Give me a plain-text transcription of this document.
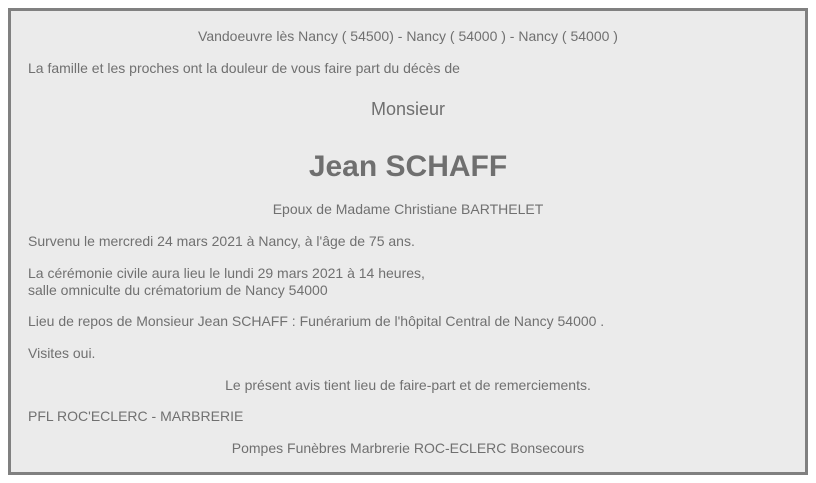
Vandoeuvre lès Nancy ( 54500) - Nancy ( 54000 ) - Nancy ( 54000 )
La famille et les proches ont la douleur de vous faire part du décès de
Monsieur
Jean SCHAFF
Epoux de Madame Christiane BARTHELET
Survenu le mercredi 24 mars 2021 à Nancy, à l'âge de 75 ans.
La cérémonie civile aura lieu le lundi 29 mars 2021 à 14 heures,
salle omniculte du crématorium de Nancy 54000
Lieu de repos de Monsieur Jean SCHAFF : Funérarium de l'hôpital Central de Nancy 54000 .
Visites oui.
Le présent avis tient lieu de faire-part et de remerciements.
PFL ROC'ECLERC - MARBRERIE
Pompes Funèbres Marbrerie ROC-ECLERC Bonsecours
